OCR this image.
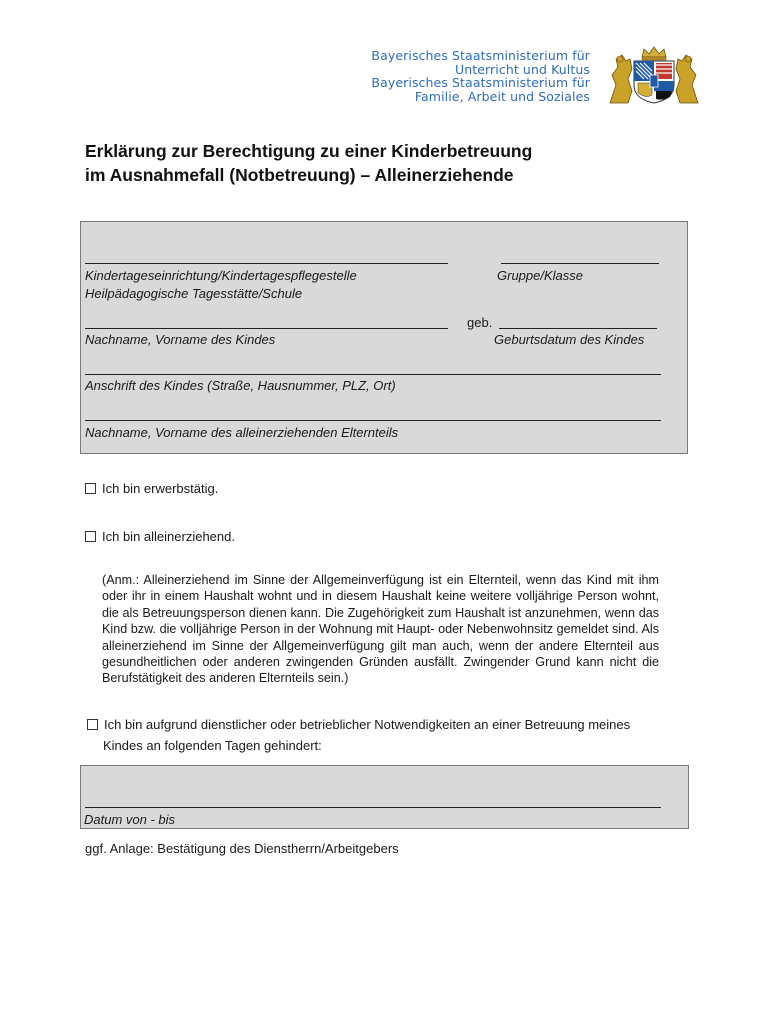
Bayerisches Staatsministerium für
Unterricht und Kultus
Bayerisches Staatsministerium für
Familie, Arbeit und Soziales
Erklärung zur Berechtigung zu einer Kinderbetreuung
im Ausnahmefall (Notbetreuung) – Alleinerziehende
Kindertageseinrichtung/Kindertagespflegestelle
Heilpädagogische Tagesstätte/Schule
Gruppe/Klasse
geb.
Nachname, Vorname des Kindes	Geburtsdatum des Kindes
Anschrift des Kindes (Straße, Hausnummer, PLZ, Ort)
Nachname, Vorname des alleinerziehenden Elternteils
Ich bin erwerbstätig.
Ich bin alleinerziehend.

(Anm.: Alleinerziehend im Sinne der Allgemeinverfügung ist ein Elternteil, wenn das Kind mit ihm oder ihr in einem Haushalt wohnt und in diesem Haushalt keine weitere volljährige Person wohnt, die als Betreuungsperson dienen kann. Die Zugehörigkeit zum Haushalt ist anzunehmen, wenn das Kind bzw. die volljährige Person in der Wohnung mit Haupt- oder Nebenwohnsitz gemeldet sind. Als alleinerziehend im Sinne der Allgemeinverfügung gilt man auch, wenn der andere Elternteil aus gesundheitlichen oder anderen zwingenden Gründen ausfällt. Zwingender Grund kann nicht die Berufstätigkeit des anderen Elternteils sein.)

Ich bin aufgrund dienstlicher oder betrieblicher Notwendigkeiten an einer Betreuung meines
Kindes an folgenden Tagen gehindert:
Datum von - bis
ggf. Anlage: Bestätigung des Dienstherrn/Arbeitgebers
